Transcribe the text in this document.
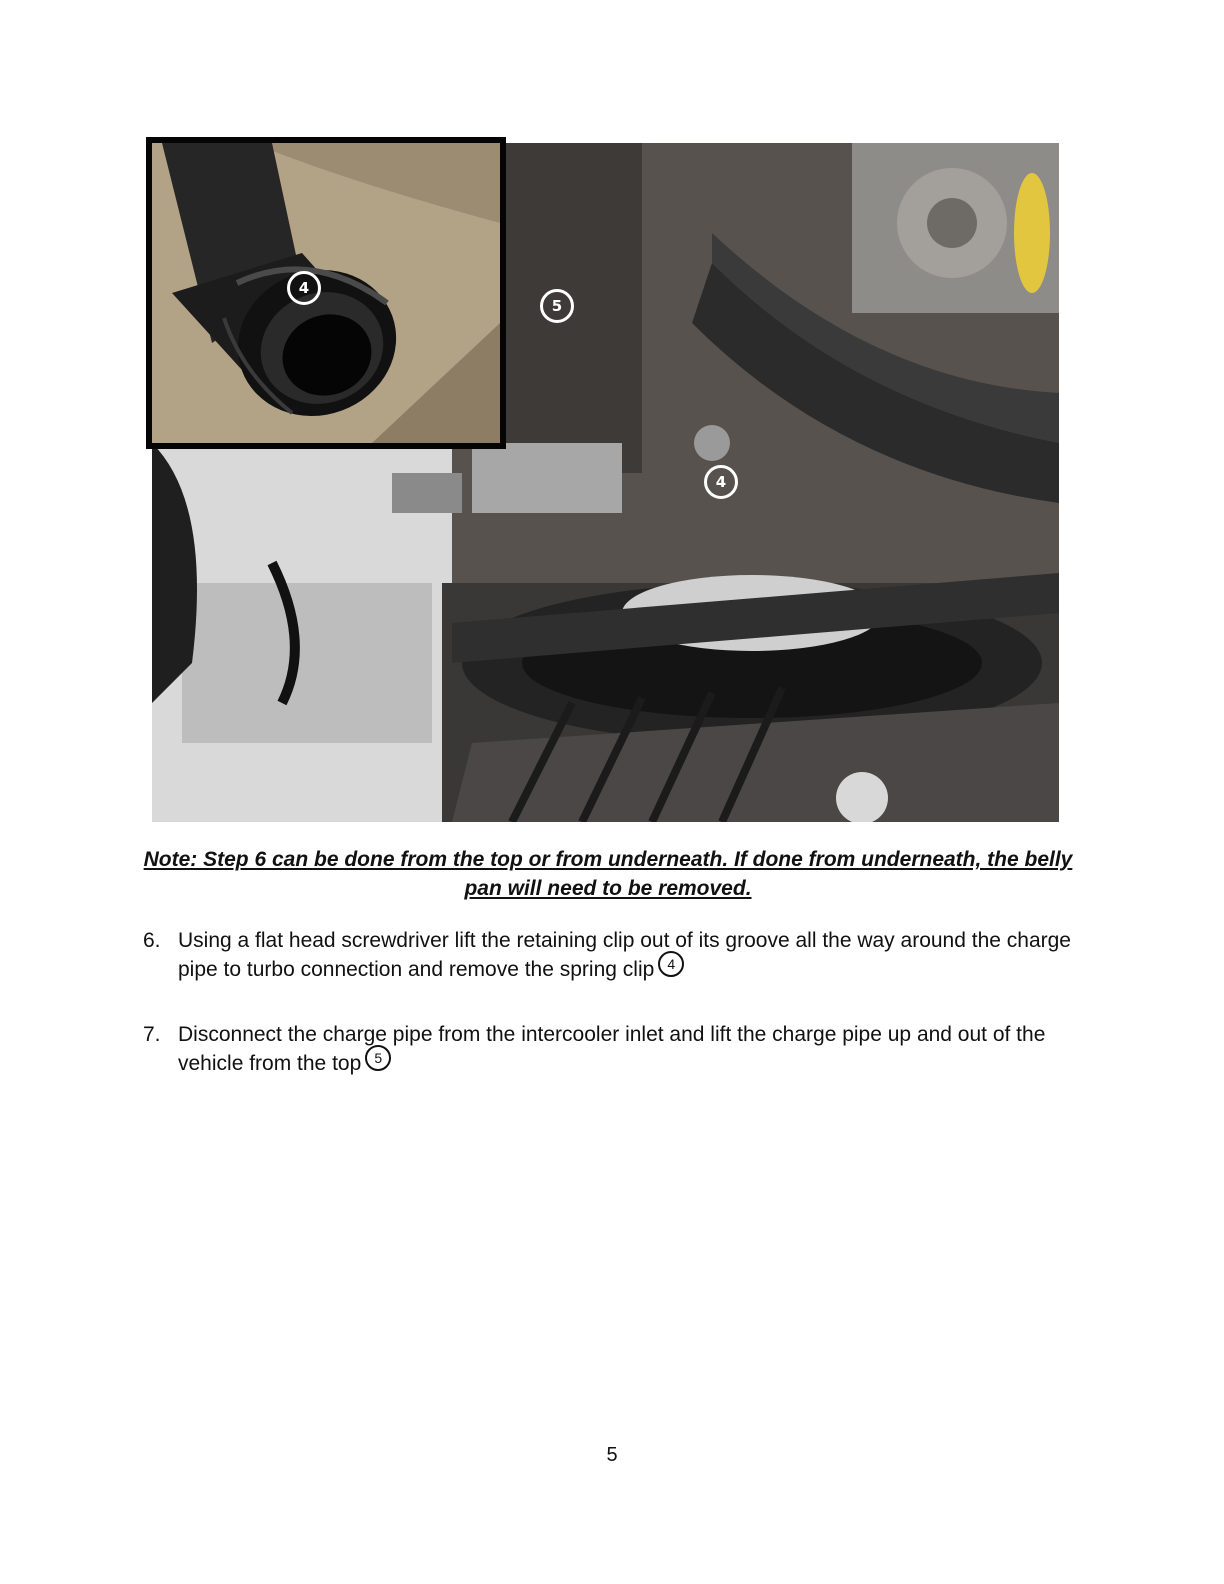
5
4
4
Note: Step 6 can be done from the top or from underneath. If done from underneath, the belly pan will need to be removed.
6. Using a flat head screwdriver lift the retaining clip out of its groove all the way around the charge pipe to turbo connection and remove the spring clip 4
7. Disconnect the charge pipe from the intercooler inlet and lift the charge pipe up and out of the vehicle from the top 5
5
